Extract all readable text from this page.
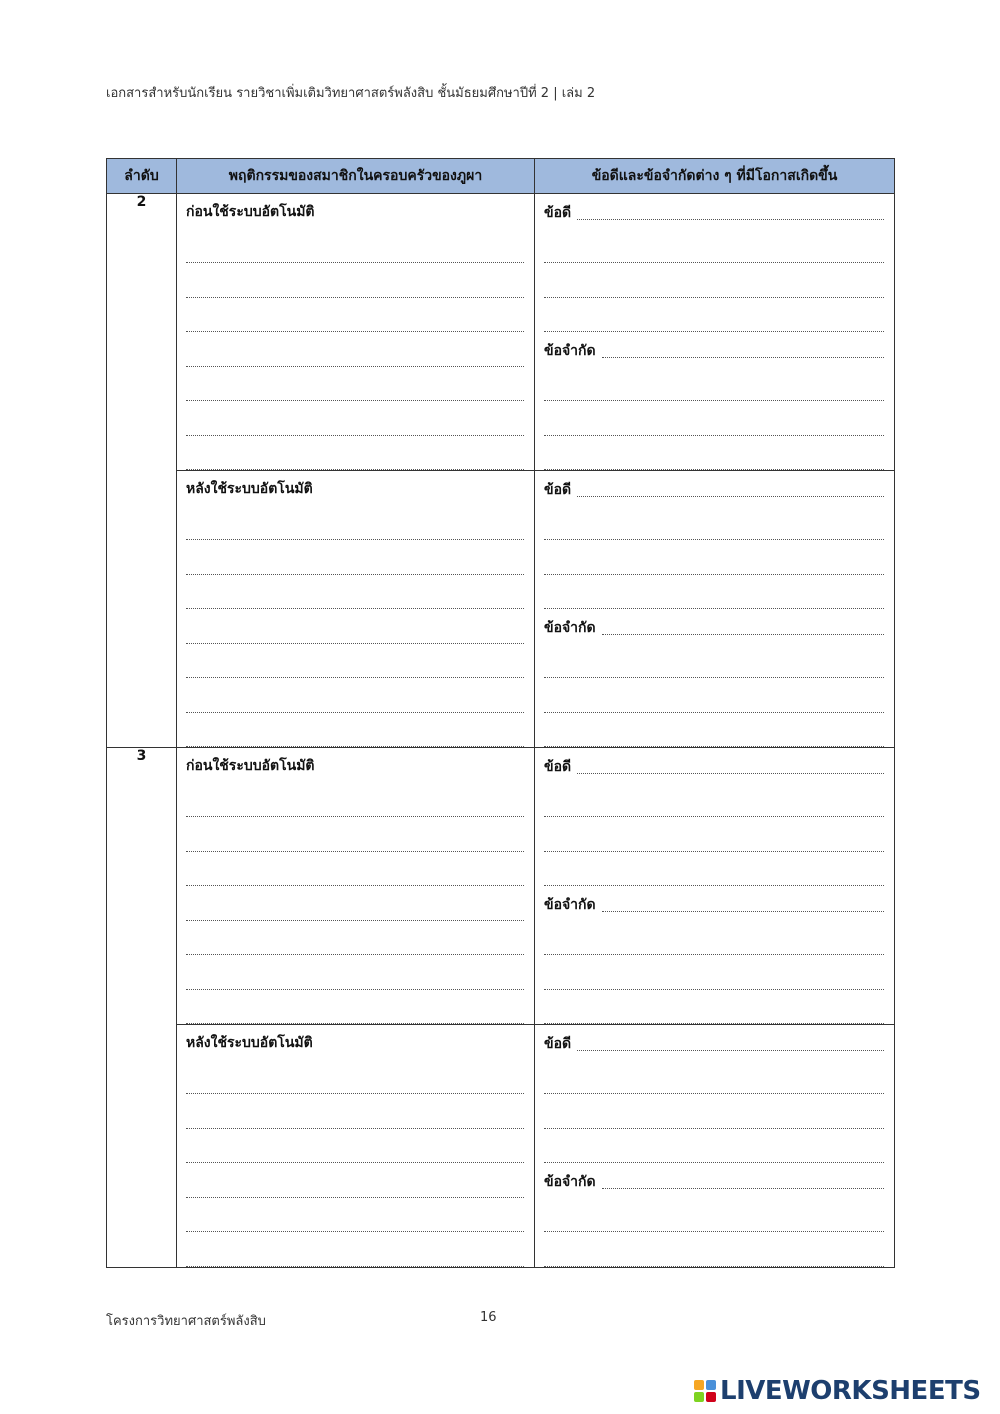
เอกสารสำหรับนักเรียน รายวิชาเพิ่มเติมวิทยาศาสตร์พลังสิบ ชั้นมัธยมศึกษาปีที่ 2 | เล่ม 2
ลำดับ	พฤติกรรมของสมาชิกในครอบครัวของภูผา	ข้อดีและข้อจำกัดต่าง ๆ ที่มีโอกาสเกิดขึ้น
2	ก่อนใช้ระบบอัตโนมัติ	ข้อดี
ข้อจำกัด

	หลังใช้ระบบอัตโนมัติ	ข้อดี
ข้อจำกัด

3	ก่อนใช้ระบบอัตโนมัติ	ข้อดี
ข้อจำกัด

	หลังใช้ระบบอัตโนมัติ	ข้อดี
ข้อจำกัด
โครงการวิทยาศาสตร์พลังสิบ	16
LIVEWORKSHEETS
